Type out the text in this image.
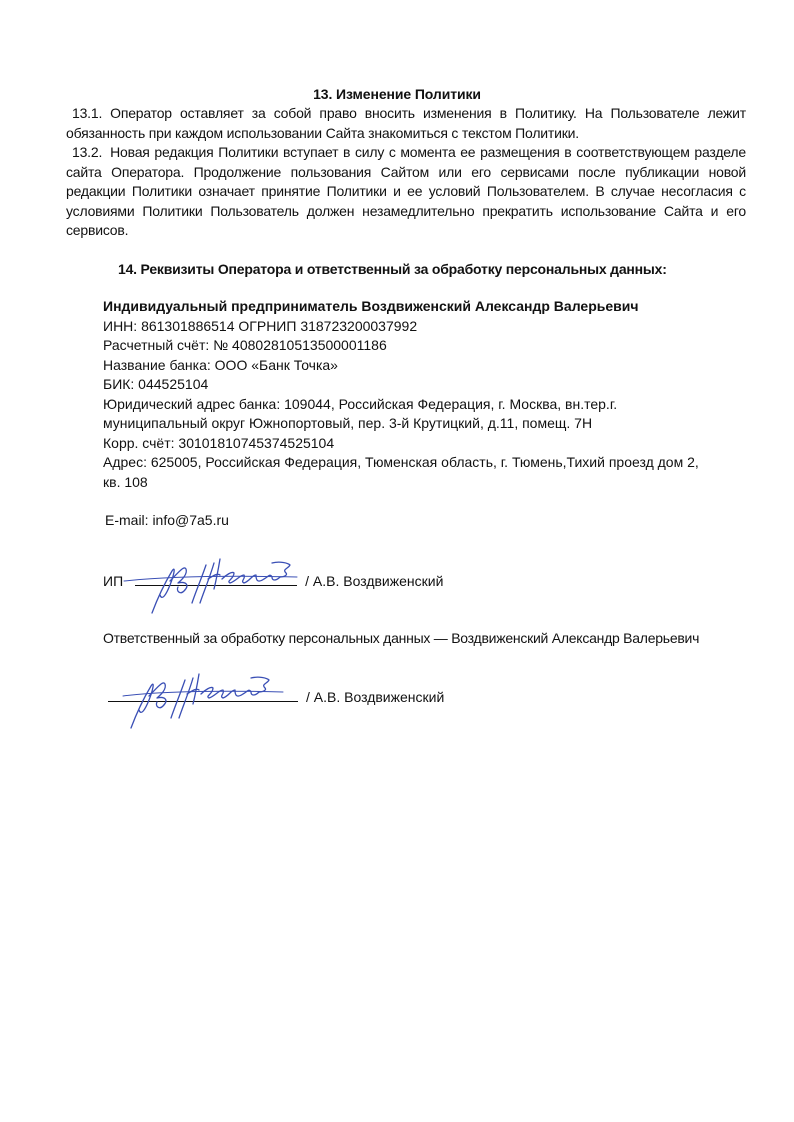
13. Изменение Политики
13.1. Оператор оставляет за собой право вносить изменения в Политику. На Пользователе лежит обязанность при каждом использовании Сайта знакомиться с текстом Политики.
13.2. Новая редакция Политики вступает в силу с момента ее размещения в соответствующем разделе сайта Оператора. Продолжение пользования Сайтом или его сервисами после публикации новой редакции Политики означает принятие Политики и ее условий Пользователем. В случае несогласия с условиями Политики Пользователь должен незамедлительно прекратить использование Сайта и его сервисов.
14. Реквизиты Оператора и ответственный за обработку персональных данных:
Индивидуальный предприниматель Воздвиженский Александр Валерьевич
ИНН: 861301886514 ОГРНИП 318723200037992
Расчетный счёт: № 40802810513500001186
Название банка: ООО «Банк Точка»
БИК: 044525104
Юридический адрес банка: 109044, Российская Федерация, г. Москва, вн.тер.г.
муниципальный округ Южнопортовый, пер. 3-й Крутицкий, д.11, помещ. 7Н
Корр. счёт: 30101810745374525104
Адрес: 625005, Российская Федерация, Тюменская область, г. Тюмень,Тихий проезд дом 2,
кв. 108
E-mail: info@7a5.ru
ИП	/ А.В. Воздвиженский
Ответственный за обработку персональных данных — Воздвиженский Александр Валерьевич
/ А.В. Воздвиженский
